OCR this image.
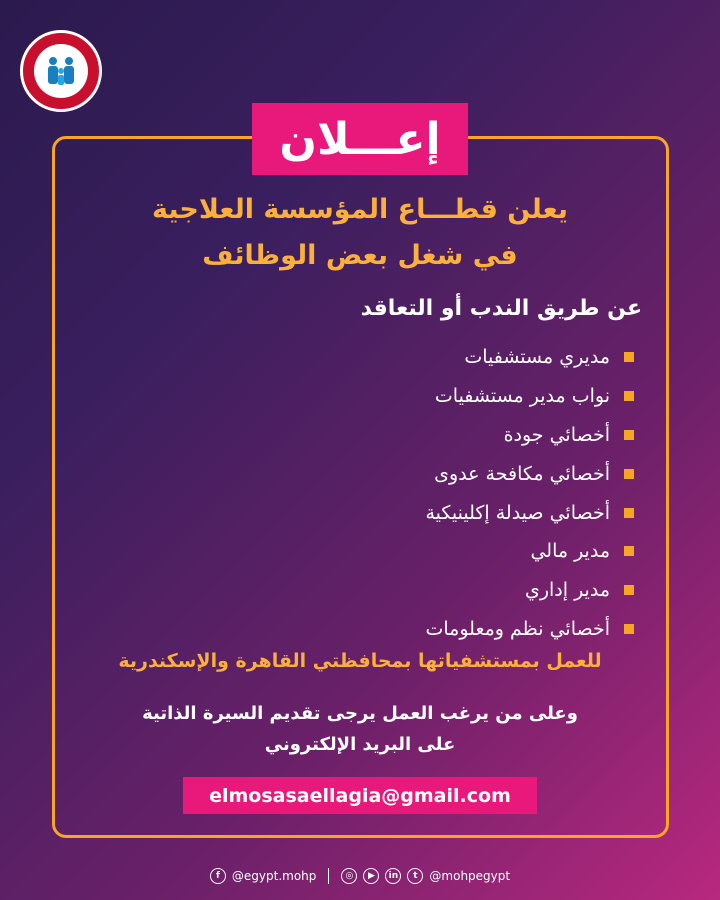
إعـــلان
يعلن قطـــاع المؤسسة العلاجية
في شغل بعض الوظائف
عن طريق الندب أو التعاقد
مديري مستشفيات
نواب مدير مستشفيات
أخصائي جودة
أخصائي مكافحة عدوى
أخصائي صيدلة إكلينيكية
مدير مالي
مدير إداري
أخصائي نظم ومعلومات
للعمل بمستشفياتها بمحافظتي القاهرة والإسكندرية
وعلى من يرغب العمل يرجى تقديم السيرة الذاتية
على البريد الإلكتروني
elmosasaellagia@gmail.com
f	@egypt.mohp	◎	▶	in	t @mohpegypt
